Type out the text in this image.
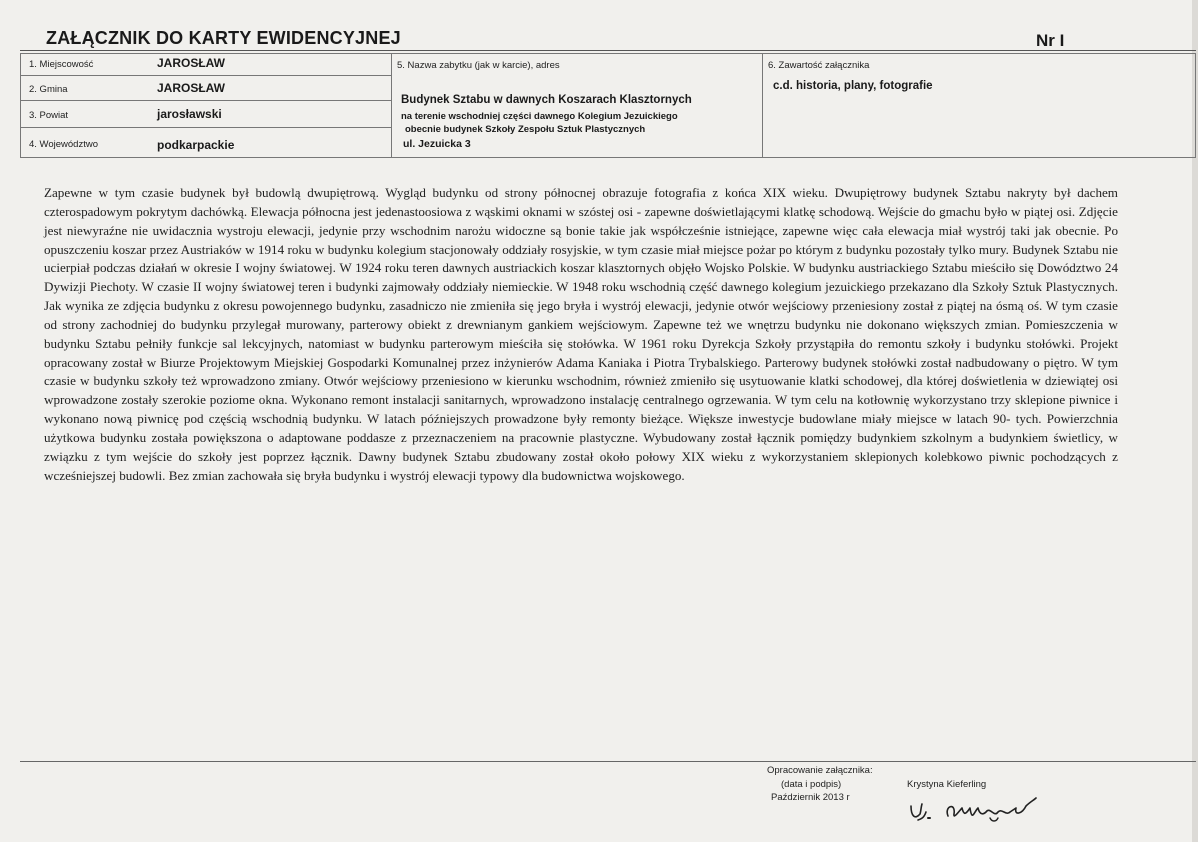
ZAŁĄCZNIK DO KARTY EWIDENCYJNEJ	Nr I
1. Miejscowość	JAROSŁAW
2. Gmina	JAROSŁAW
3. Powiat	jarosławski
4. Województwo	podkarpackie
5. Nazwa zabytku (jak w karcie), adres
Budynek Sztabu w dawnych Koszarach Klasztornych
na terenie wschodniej części dawnego Kolegium Jezuickiego
obecnie budynek Szkoły Zespołu Sztuk Plastycznych
ul. Jezuicka 3
6. Zawartość załącznika
c.d. historia, plany, fotografie
Zapewne w tym czasie budynek był budowlą dwupiętrową. Wygląd budynku od strony północnej obrazuje fotografia z końca XIX wieku. Dwupiętrowy budynek Sztabu nakryty był dachem czterospadowym pokrytym dachówką. Elewacja północna jest jedenastoosiowa z wąskimi oknami w szóstej osi - zapewne doświetlającymi klatkę schodową. Wejście do gmachu było w piątej osi. Zdjęcie jest niewyraźne nie uwidacznia wystroju elewacji, jedynie przy wschodnim narożu widoczne są bonie takie jak współcześnie istniejące, zapewne więc cała elewacja miał wystrój taki jak obecnie. Po opuszczeniu koszar przez Austriaków w 1914 roku w budynku kolegium stacjonowały oddziały rosyjskie, w tym czasie miał miejsce pożar po którym z budynku pozostały tylko mury. Budynek Sztabu nie ucierpiał podczas działań w okresie I wojny światowej. W 1924 roku teren dawnych austriackich koszar klasztornych objęło Wojsko Polskie. W budynku austriackiego Sztabu mieściło się Dowództwo 24 Dywizji Piechoty. W czasie II wojny światowej teren i budynki zajmowały oddziały niemieckie. W 1948 roku wschodnią część dawnego kolegium jezuickiego przekazano dla Szkoły Sztuk Plastycznych. Jak wynika ze zdjęcia budynku z okresu powojennego budynku, zasadniczo nie zmieniła się jego bryła i wystrój elewacji, jedynie otwór wejściowy przeniesiony został z piątej na ósmą oś. W tym czasie od strony zachodniej do budynku przylegał murowany, parterowy obiekt z drewnianym gankiem wejściowym. Zapewne też we wnętrzu budynku nie dokonano większych zmian. Pomieszczenia w budynku Sztabu pełniły funkcje sal lekcyjnych, natomiast w budynku parterowym mieściła się stołówka. W 1961 roku Dyrekcja Szkoły przystąpiła do remontu szkoły i budynku stołówki. Projekt opracowany został w Biurze Projektowym Miejskiej Gospodarki Komunalnej przez inżynierów Adama Kaniaka i Piotra Trybalskiego. Parterowy budynek stołówki został nadbudowany o piętro. W tym czasie w budynku szkoły też wprowadzono zmiany. Otwór wejściowy przeniesiono w kierunku wschodnim, również zmieniło się usytuowanie klatki schodowej, dla której doświetlenia w dziewiątej osi wprowadzone zostały szerokie poziome okna. Wykonano remont instalacji sanitarnych, wprowadzono instalację centralnego ogrzewania. W tym celu na kotłownię wykorzystano trzy sklepione piwnice i wykonano nową piwnicę pod częścią wschodnią budynku. W latach późniejszych prowadzone były remonty bieżące. Większe inwestycje budowlane miały miejsce w latach 90- tych. Powierzchnia użytkowa budynku została powiększona o adaptowane poddasze z przeznaczeniem na pracownie plastyczne. Wybudowany został łącznik pomiędzy budynkiem szkolnym a budynkiem świetlicy, w związku z tym wejście do szkoły jest poprzez łącznik. Dawny budynek Sztabu zbudowany został około połowy XIX wieku z wykorzystaniem sklepionych kolebkowo piwnic pochodzących z wcześniejszej budowli. Bez zmian zachowała się bryła budynku i wystrój elewacji typowy dla budownictwa wojskowego.
Opracowanie załącznika:
(data i podpis)
Październik 2013 r
Krystyna Kieferling
